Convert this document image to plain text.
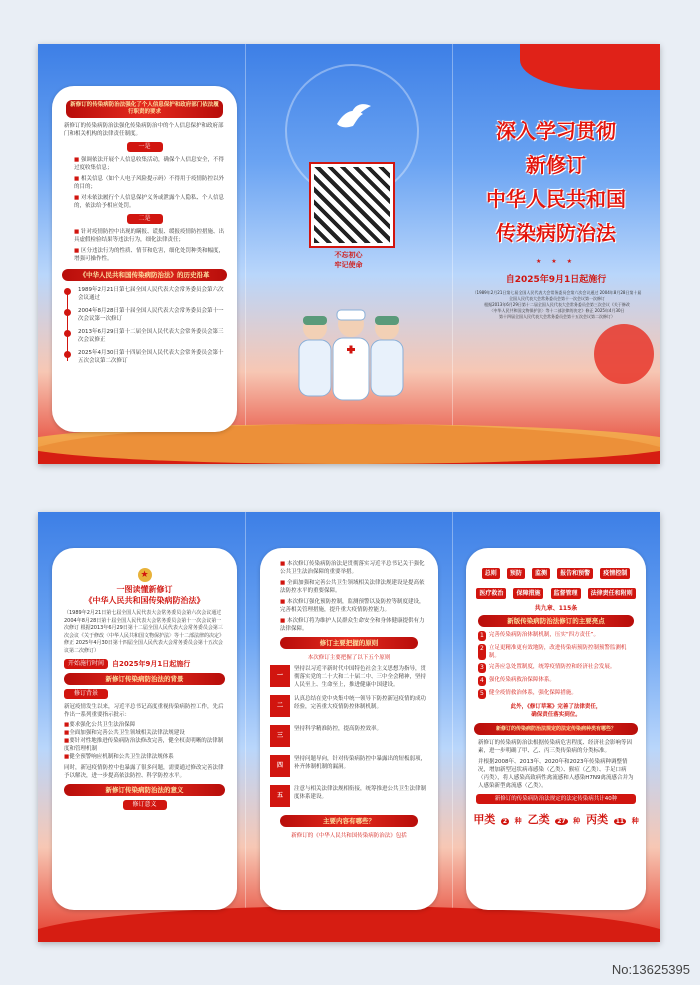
新修订的传染病防治法强化了个人信息保护和政府部门依法履行职责的要求
新修订的传染病防治法强化传染病防治中的个人信息保护和政府部门和相关机构的法律责任制度。
一是
■ 强调依法开展个人信息收集活动，确保个人信息安全，不得过度收集信息；
■ 相关信息（如个人电子风险提示码）不得用于疫情防控以外的目的；
■ 对未依法履行个人信息保护义务或泄露个人隐私、个人信息的，依法给予相应处罚。
二是
■ 针对疫情防控中出现的瞒报、谎报、缓报疫情防控措施、出具虚假检验结果等违法行为，细化法律责任；
■ 区分违法行为的性质、情节和危害，细化处罚种类和幅度，增强可操作性。
《中华人民共和国传染病防治法》的历史沿革
1989年2月21日第七届全国人民代表大会常务委员会第六次会议通过
2004年8月28日第十届全国人民代表大会常务委员会第十一次会议第一次修订
2013年6月29日第十二届全国人民代表大会常务委员会第三次会议修正
2025年4月30日第十四届全国人民代表大会常务委员会第十五次会议第二次修订
不忘初心
牢记使命
深入学习贯彻
新修订
中华人民共和国
传染病防治法
★ ★ ★
自2025年9月1日起施行
（1989年2月21日第七届全国人民代表大会常务委员会第六次会议通过 2004年8月28日第十届全国人民代表大会常务委员会第十一次会议第一次修订
根据2013年6月29日第十二届全国人民代表大会常务委员会第三次会议《关于修改
〈中华人民共和国文物保护法〉等十二部法律的决定》修正 2025年4月30日
第十四届全国人民代表大会常务委员会第十五次会议第二次修订）
★
一图读懂新修订
《中华人民共和国传染病防治法》
（1989年2月21日第七届全国人民代表大会常务委员会第六次会议通过 2004年8月28日第十届全国人民代表大会常务委员会第十一次会议第一次修订 根据2013年6月29日第十二届全国人民代表大会常务委员会第三次会议《关于修改〈中华人民共和国文物保护法〉等十二部法律的决定》修正 2025年4月30日第十四届全国人民代表大会常务委员会第十五次会议第二次修订）
开始施行时间	自2025年9月1日起施行
新修订传染病防治法的背景
修订背景
新冠疫情发生以来，习近平总书记高度重视传染病防控工作，先后作出一系列重要指示批示：
■要求强化公共卫生法治保障
■全面加强和完善公共卫生领域相关法律法规建设
■要针对性地推进传染病防治法修改完善，健全权责明晰的法律制度和管理机制
■健全预警响应机制和公共卫生法律法规体系
同时，新冠疫情防控中也暴露了很多问题，需要通过修改完善法律予以解决，进一步提高依法防控、科学防控水平。
新修订传染病防治法的意义
修订意义
■ 本次修订传染病防治法是贯彻落实习近平总书记关于强化公共卫生法治保障的重要举措。
■ 全面加强和完善公共卫生领域相关法律法规建设是提高依法防控水平的重要保障。
■ 本次修订强化预防控制，监测预警以及防控等制度建设，完善相关管理措施，提升重大疫情防控能力。
■ 本次修订将为维护人民群众生命安全和身体健康提供有力法律保障。
修订主要把握的原则
本次修订主要把握了以下五个原则
一
坚持以习近平新时代中国特色社会主义思想为指导，贯彻落实党的二十大和二十届二中、三中全会精神，坚持人民至上、生命至上，推进健康中国建设。
二
认真总结在党中央集中统一领导下防控新冠疫情的成功经验，完善重大疫情防控体制机制。
三
坚持科学精准防控，提高防控效率。
四
坚持问题导向，针对传染病防控中暴露出的短板弱项，补齐体制机制的漏洞。
五
注意与相关法律法规相衔接，统筹推进公共卫生法律制度体系建设。
主要内容有哪些？
新修订的《中华人民共和国传染病防治法》包括
总则 预防 监测 报告和预警 疫情控制 医疗救治 保障措施 监督管理 法律责任和附则
共九章、115条
新版传染病防治法修订的主要亮点
1 完善传染病防治体制机制，压实“四方责任”。
2 立足更精准更有效地防，改进传染病预防控制预警监测机制。
3 完善应急处置制度，统筹疫情防控和经济社会发展。
4 强化传染病救治保障体系。
5 健全疫情救治体系，强化保障措施。
此外，《修订草案》完善了法律责任，
确保责任落实到位。
新修订的传染病防治法规定的法定传染病种类有哪些？
新修订的传染病防治法根据传染病危害程度、经济社会影响等因素，进一步明确了甲、乙、丙三类传染病的分类标准。
并根据2008年、2013年、2020年和2023年传染病种调整情况，增加新型冠状病毒感染（乙类）、猴痘（乙类）、手足口病（丙类），将人感染高致病性禽流感和人感染H7N9禽流感合并为人感染新型禽流感（乙类）。
新修订的传染病防治法规定的法定传染病共计40种
甲类 2 种 乙类 27 种 丙类 11 种
No:13625395
